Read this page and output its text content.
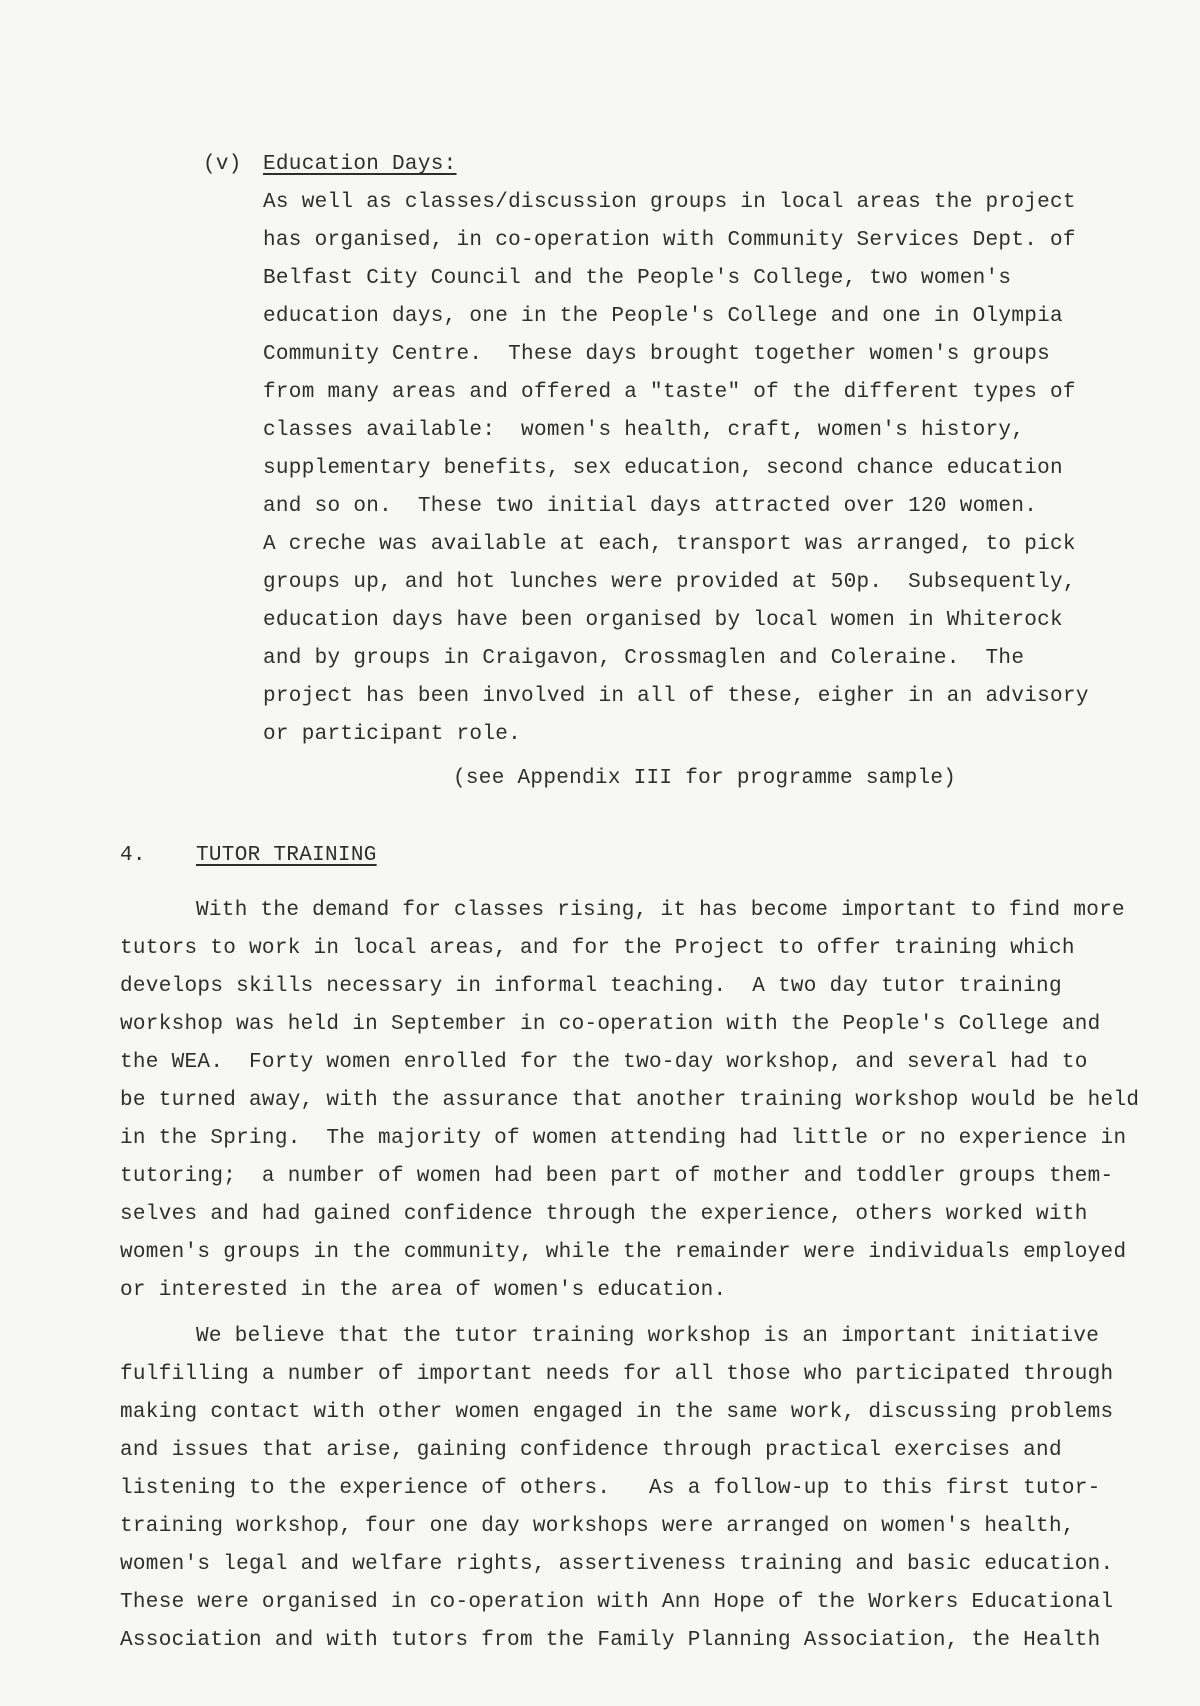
(v) Education Days:
As well as classes/discussion groups in local areas the project
has organised, in co-operation with Community Services Dept. of
Belfast City Council and the People's College, two women's
education days, one in the People's College and one in Olympia
Community Centre.  These days brought together women's groups
from many areas and offered a "taste" of the different types of
classes available:  women's health, craft, women's history,
supplementary benefits, sex education, second chance education
and so on.  These two initial days attracted over 120 women.
A creche was available at each, transport was arranged, to pick
groups up, and hot lunches were provided at 50p.  Subsequently,
education days have been organised by local women in Whiterock
and by groups in Craigavon, Crossmaglen and Coleraine.  The
project has been involved in all of these, eigher in an advisory
or participant role.
(see Appendix III for programme sample)
4. TUTOR TRAINING
With the demand for classes rising, it has become important to find more
tutors to work in local areas, and for the Project to offer training which
develops skills necessary in informal teaching.  A two day tutor training
workshop was held in September in co-operation with the People's College and
the WEA.  Forty women enrolled for the two-day workshop, and several had to
be turned away, with the assurance that another training workshop would be held
in the Spring.  The majority of women attending had little or no experience in
tutoring;  a number of women had been part of mother and toddler groups them-
selves and had gained confidence through the experience, others worked with
women's groups in the community, while the remainder were individuals employed
or interested in the area of women's education.
We believe that the tutor training workshop is an important initiative
fulfilling a number of important needs for all those who participated through
making contact with other women engaged in the same work, discussing problems
and issues that arise, gaining confidence through practical exercises and
listening to the experience of others.   As a follow-up to this first tutor-
training workshop, four one day workshops were arranged on women's health,
women's legal and welfare rights, assertiveness training and basic education.
These were organised in co-operation with Ann Hope of the Workers Educational
Association and with tutors from the Family Planning Association, the Health
